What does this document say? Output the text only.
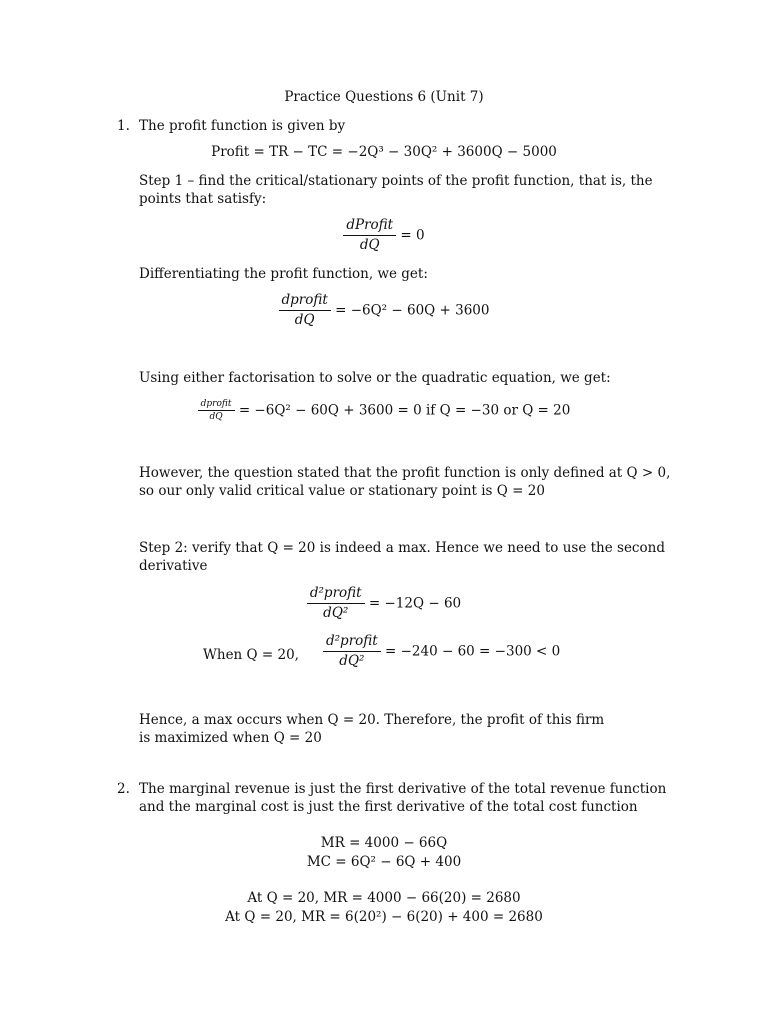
Practice Questions 6 (Unit 7)
1. The profit function is given by
Profit = TR − TC = −2Q³ − 30Q² + 3600Q − 5000
Step 1 – find the critical/stationary points of the profit function, that is, the points that satisfy:
$\frac{\text{dProfit}}{dQ} = 0$
Differentiating the profit function, we get:
$\frac{\text{dprofit}}{dQ} = -6Q^2 - 60Q + 3600$
Using either factorisation to solve or the quadratic equation, we get:
$\frac{\text{dprofit}}{dQ} = -6Q^2 - 60Q + 3600 = 0$ if Q = −30 or Q = 20
However, the question stated that the profit function is only defined at Q > 0, so our only valid critical value or stationary point is Q = 20
Step 2: verify that Q = 20 is indeed a max. Hence we need to use the second derivative
$\frac{\text{d²profit}}{\text{dQ²}} = -12Q - 60$
When Q = 20, $\frac{\text{d²profit}}{\text{dQ²}} = -240 - 60 = -300 < 0$
Hence, a max occurs when Q = 20. Therefore, the profit of this firm is maximized when Q = 20
2. The marginal revenue is just the first derivative of the total revenue function and the marginal cost is just the first derivative of the total cost function
MR = 4000 − 66Q
MC = 6Q² − 6Q + 400
At Q = 20, MR = 4000 − 66(20) = 2680
At Q = 20, MR = 6(20²) − 6(20) + 400 = 2680
